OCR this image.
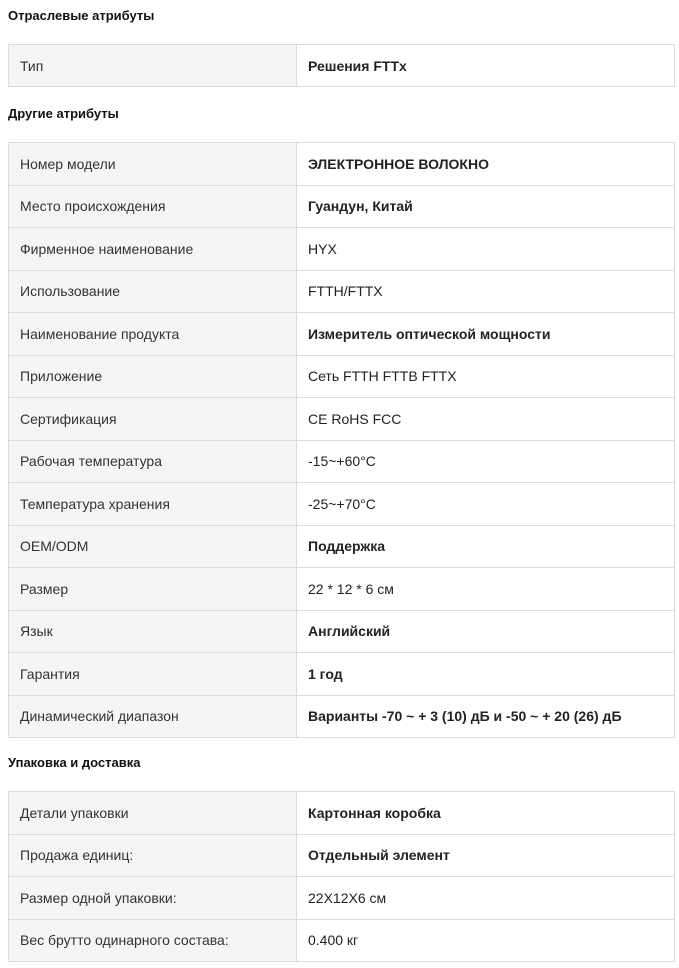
Отраслевые атрибуты
Тип	Решения FTTx
Другие атрибуты
Номер модели	ЭЛЕКТРОННОЕ ВОЛОКНО
Место происхождения	Гуандун, Китай
Фирменное наименование	HYX
Использование	FTTH/FTTX
Наименование продукта	Измеритель оптической мощности
Приложение	Сеть FTTH FTTB FTTX
Сертификация	CE RoHS FCC
Рабочая температура	-15~+60°C
Температура хранения	-25~+70°C
OEM/ODM	Поддержка
Размер	22 * 12 * 6 см
Язык	Английский
Гарантия	1 год
Динамический диапазон	Варианты -70 ~ + 3 (10) дБ и -50 ~ + 20 (26) дБ
Упаковка и доставка
Детали упаковки	Картонная коробка
Продажа единиц:	Отдельный элемент
Размер одной упаковки:	22X12X6 см
Вес брутто одинарного состава:	0.400 кг
